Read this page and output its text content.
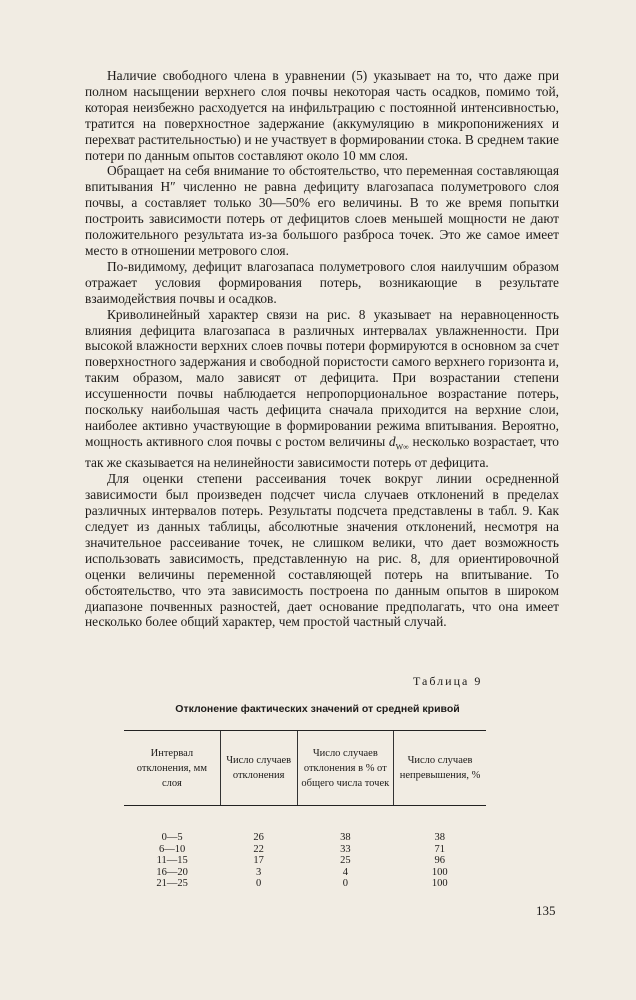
Наличие свободного члена в уравнении (5) указывает на то, что даже при полном насыщении верхнего слоя почвы некоторая часть осадков, помимо той, которая неизбежно расходуется на инфильтрацию с постоянной интенсивностью, тратится на поверхностное задержание (аккумуляцию в микропонижениях и перехват растительностью) и не участвует в формировании стока. В среднем такие потери по данным опытов составляют около 10 мм слоя.

Обращает на себя внимание то обстоятельство, что переменная составляющая впитывания H″ численно не равна дефициту влагозапаса полуметрового слоя почвы, а составляет только 30—50% его величины. В то же время попытки построить зависимости потерь от дефицитов слоев меньшей мощности не дают положительного результата из-за большого разброса точек. Это же самое имеет место в отношении метрового слоя.

По-видимому, дефицит влагозапаса полуметрового слоя наилучшим образом отражает условия формирования потерь, возникающие в результате взаимодействия почвы и осадков.

Криволинейный характер связи на рис. 8 указывает на неравноценность влияния дефицита влагозапаса в различных интервалах увлажненности. При высокой влажности верхних слоев почвы потери формируются в основном за счет поверхностного задержания и свободной пористости самого верхнего горизонта и, таким образом, мало зависят от дефицита. При возрастании степени иссушенности почвы наблюдается непропорциональное возрастание потерь, поскольку наибольшая часть дефицита сначала приходится на верхние слои, наиболее активно участвующие в формировании режима впитывания. Вероятно, мощность активного слоя почвы с ростом величины $d_{W\infty}$ несколько возрастает, что так же сказывается на нелинейности зависимости потерь от дефицита.

Для оценки степени рассеивания точек вокруг линии осредненной зависимости был произведен подсчет числа случаев отклонений в пределах различных интервалов потерь. Результаты подсчета представлены в табл. 9. Как следует из данных таблицы, абсолютные значения отклонений, несмотря на значительное рассеивание точек, не слишком велики, что дает возможность использовать зависимость, представленную на рис. 8, для ориентировочной оценки величины переменной составляющей потерь на впитывание. То обстоятельство, что эта зависимость построена по данным опытов в широком диапазоне почвенных разностей, дает основание предполагать, что она имеет несколько более общий характер, чем простой частный случай.

Таблица 9
Отклонение фактических значений от средней кривой
Интервал отклонения, мм слоя	Число случаев отклонения	Число случаев отклонения в % от общего числа точек	Число случаев непревышения, %
0—5	26	38	38
6—10	22	33	71
11—15	17	25	96
16—20	3	4	100
21—25	0	0	100
135
